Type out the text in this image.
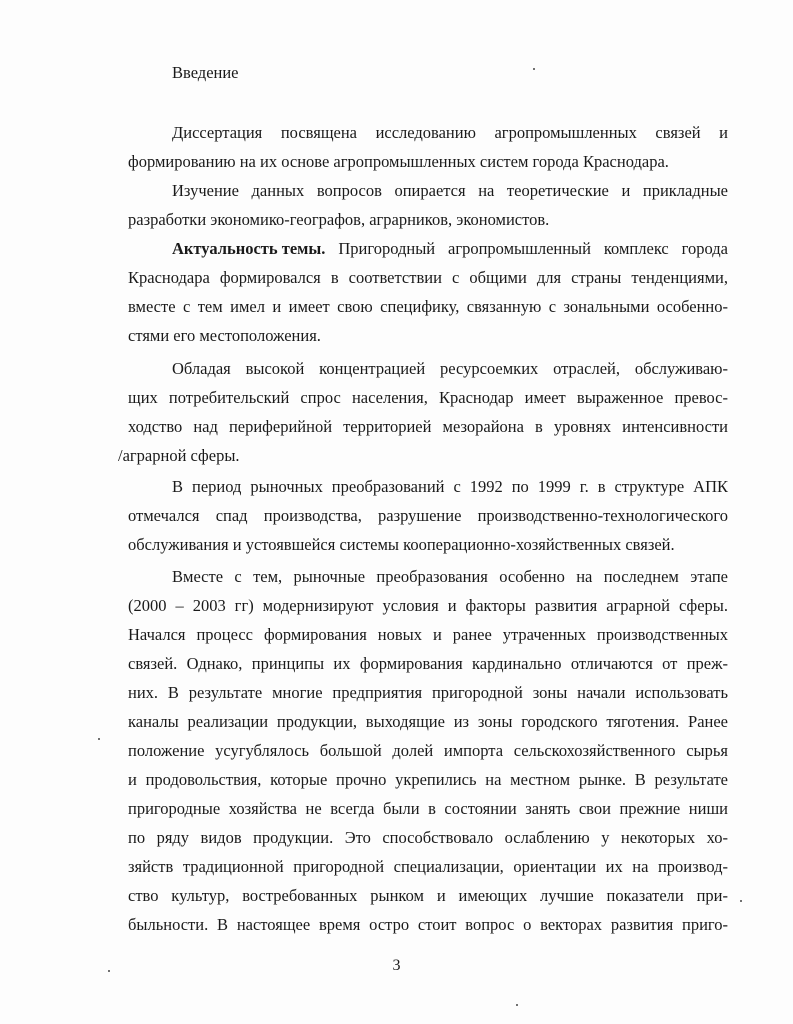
Введение
Диссертация посвящена исследованию агропромышленных связей и
формированию на их основе агропромышленных систем города Краснодара.
Изучение данных вопросов опирается на теоретические и прикладные
разработки экономико-географов, аграрников, экономистов.
Актуальность темы. Пригородный агропромышленный комплекс города
Краснодара формировался в соответствии с общими для страны тенденциями,
вместе с тем имел и имеет свою специфику, связанную с зональными особенно-
стями его местоположения.
Обладая высокой концентрацией ресурсоемких отраслей, обслуживаю-
щих потребительский спрос населения, Краснодар имеет выраженное превос-
ходство над периферийной территорией мезорайона в уровнях интенсивности
/аграрной сферы.
В период рыночных преобразований с 1992 по 1999 г. в структуре АПК
отмечался спад производства, разрушение производственно-технологического
обслуживания и устоявшейся системы кооперационно-хозяйственных связей.
Вместе с тем, рыночные преобразования особенно на последнем этапе
(2000 – 2003 гг) модернизируют условия и факторы развития аграрной сферы.
Начался процесс формирования новых и ранее утраченных производственных
связей. Однако, принципы их формирования кардинально отличаются от преж-
них. В результате многие предприятия пригородной зоны начали использовать
каналы реализации продукции, выходящие из зоны городского тяготения. Ранее
положение усугублялось большой долей импорта сельскохозяйственного сырья
и продовольствия, которые прочно укрепились на местном рынке. В результате
пригородные хозяйства не всегда были в состоянии занять свои прежние ниши
по ряду видов продукции. Это способствовало ослаблению у некоторых хо-
зяйств традиционной пригородной специализации, ориентации их на производ-
ство культур, востребованных рынком и имеющих лучшие показатели при-
быльности. В настоящее время остро стоит вопрос о векторах развития приго-
3
